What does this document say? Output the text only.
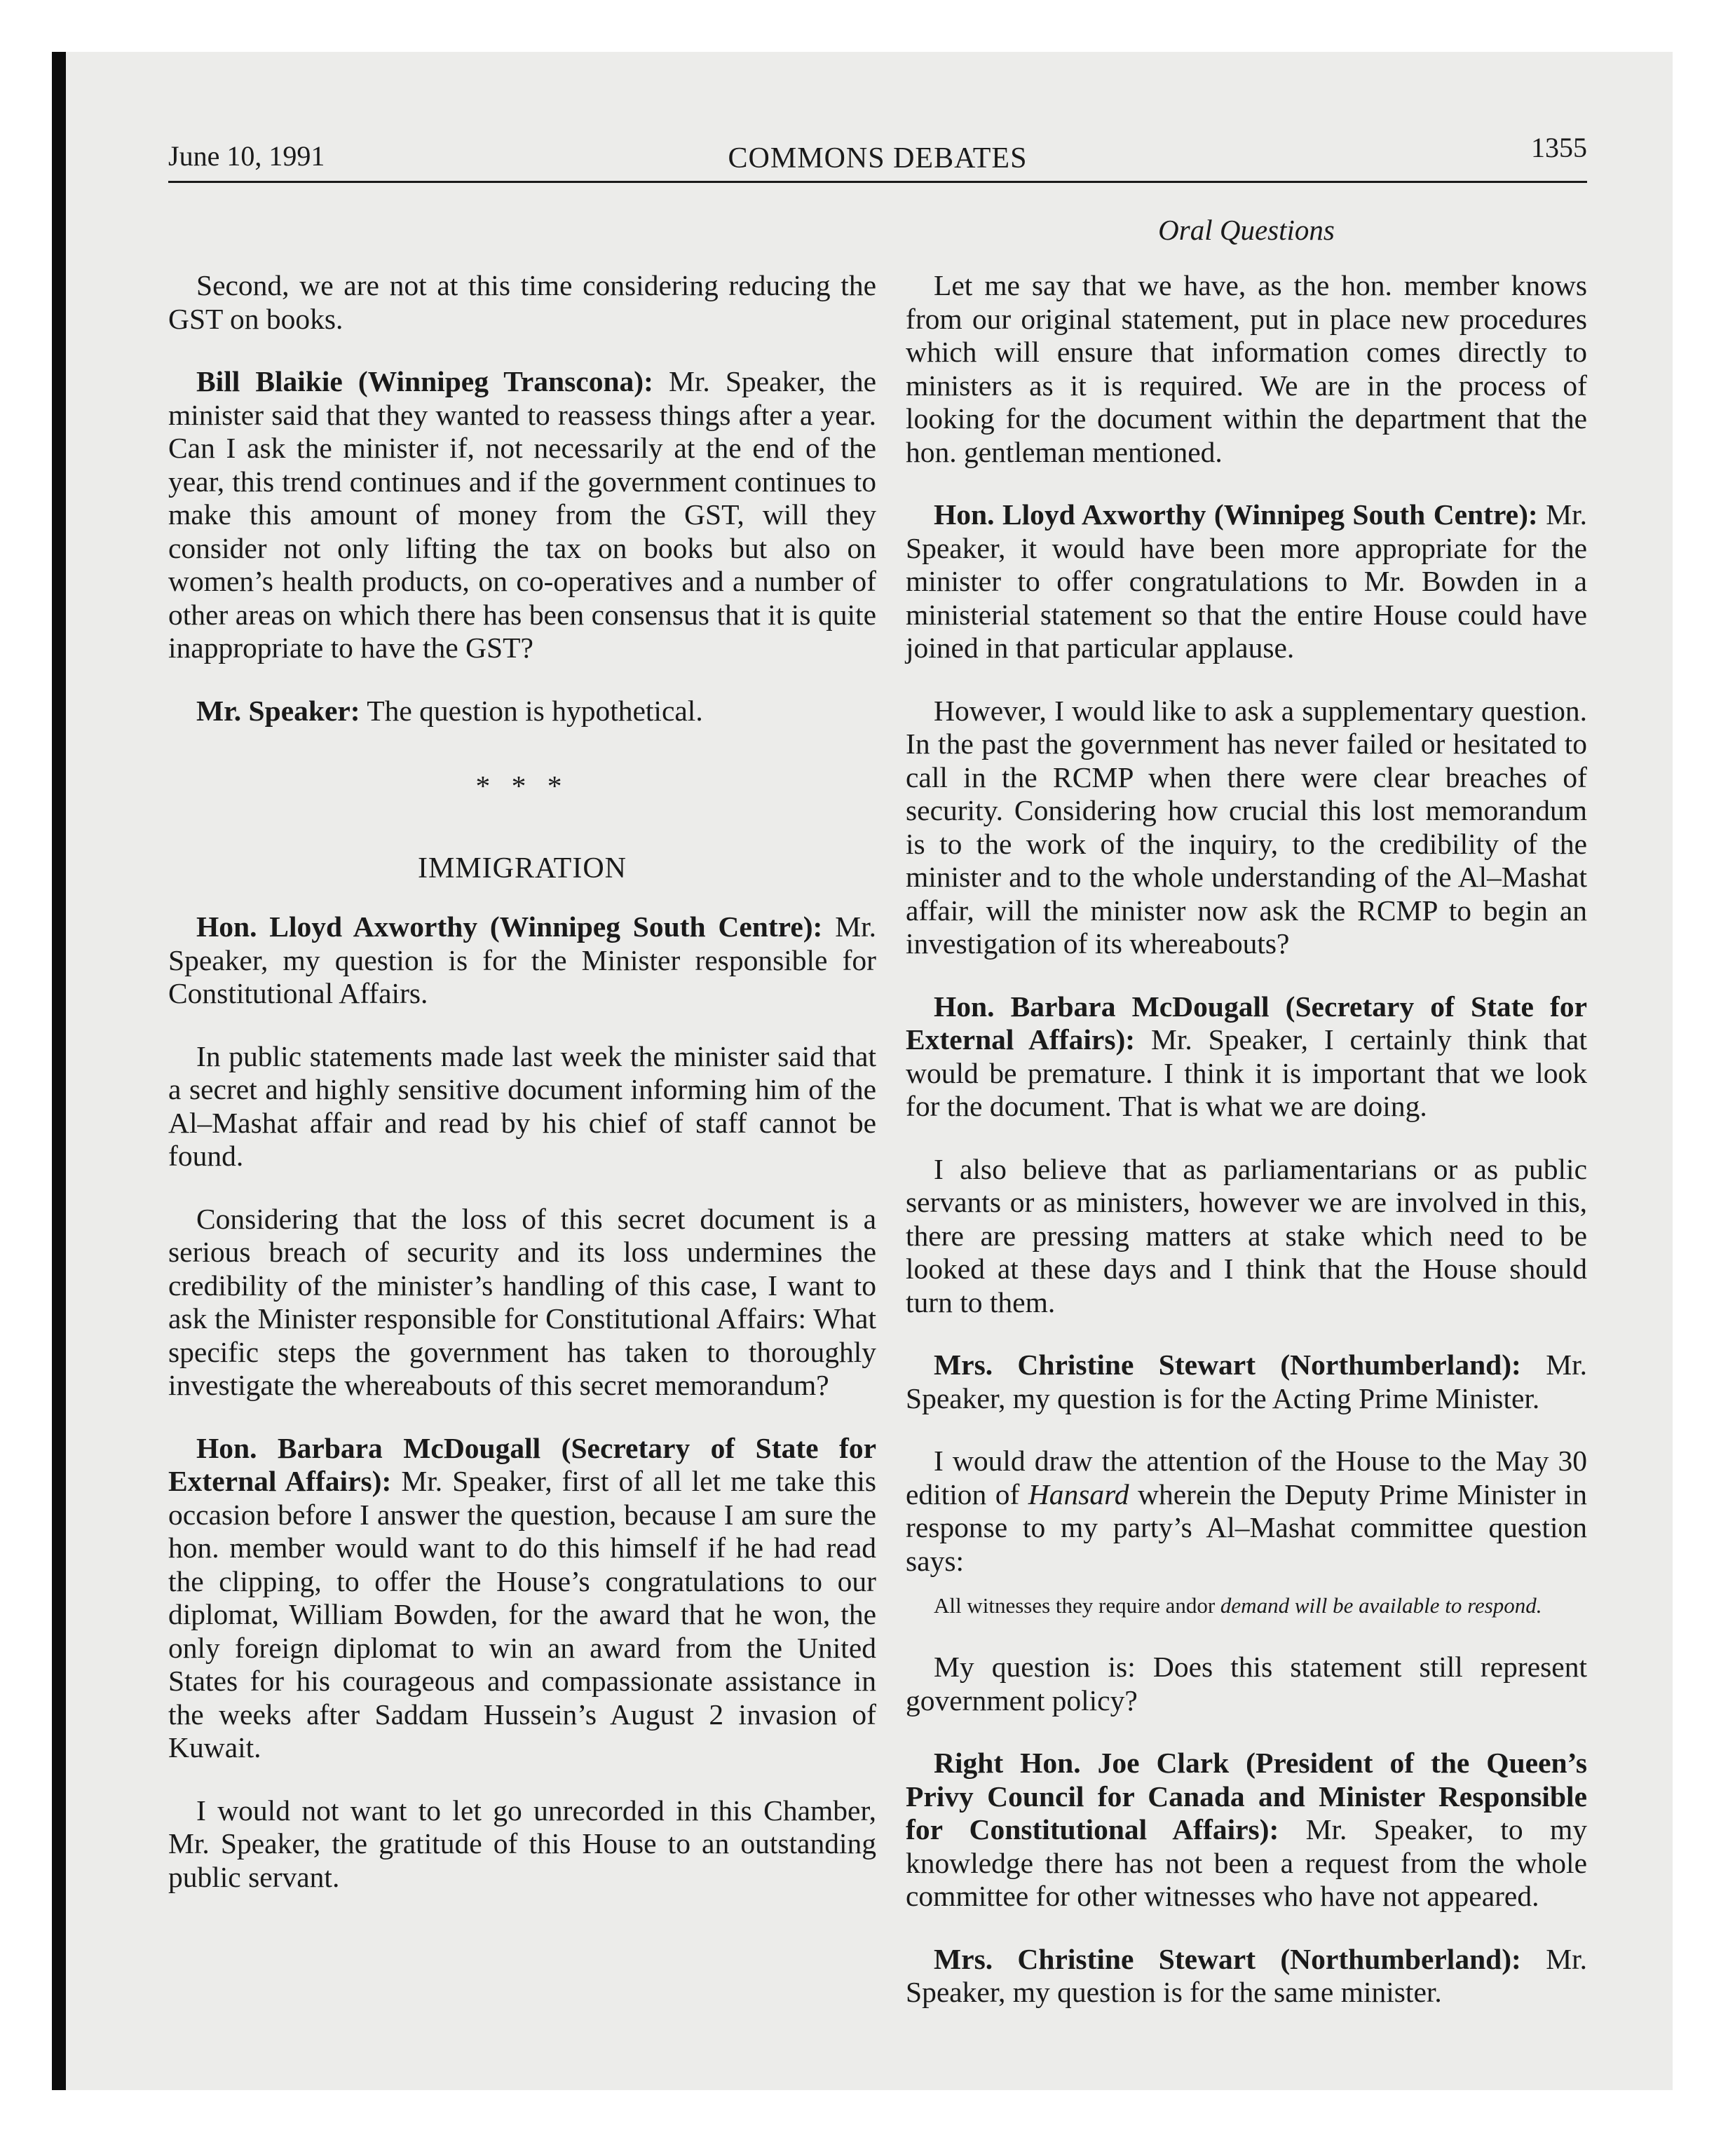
June 10, 1991	COMMONS DEBATES	1355
Oral Questions

Second, we are not at this time considering reducing the GST on books.

Bill Blaikie (Winnipeg Transcona): Mr. Speaker, the minister said that they wanted to reassess things after a year. Can I ask the minister if, not necessarily at the end of the year, this trend continues and if the government continues to make this amount of money from the GST, will they consider not only lifting the tax on books but also on women’s health products, on co-operatives and a number of other areas on which there has been consensus that it is quite inappropriate to have the GST?

Mr. Speaker: The question is hypothetical.

* * *

IMMIGRATION

Hon. Lloyd Axworthy (Winnipeg South Centre): Mr. Speaker, my question is for the Minister responsible for Constitutional Affairs.

In public statements made last week the minister said that a secret and highly sensitive document informing him of the Al–Mashat affair and read by his chief of staff cannot be found.

Considering that the loss of this secret document is a serious breach of security and its loss undermines the credibility of the minister’s handling of this case, I want to ask the Minister responsible for Constitutional Affairs: What specific steps the government has taken to thoroughly investigate the whereabouts of this secret memorandum?

Hon. Barbara McDougall (Secretary of State for External Affairs): Mr. Speaker, first of all let me take this occasion before I answer the question, because I am sure the hon. member would want to do this himself if he had read the clipping, to offer the House’s congratulations to our diplomat, William Bowden, for the award that he won, the only foreign diplomat to win an award from the United States for his courageous and compassionate assistance in the weeks after Saddam Hussein’s August 2 invasion of Kuwait.

I would not want to let go unrecorded in this Chamber, Mr. Speaker, the gratitude of this House to an outstanding public servant.

Let me say that we have, as the hon. member knows from our original statement, put in place new procedures which will ensure that information comes directly to ministers as it is required. We are in the process of looking for the document within the department that the hon. gentleman mentioned.

Hon. Lloyd Axworthy (Winnipeg South Centre): Mr. Speaker, it would have been more appropriate for the minister to offer congratulations to Mr. Bowden in a ministerial statement so that the entire House could have joined in that particular applause.

However, I would like to ask a supplementary question. In the past the government has never failed or hesitated to call in the RCMP when there were clear breaches of security. Considering how crucial this lost memorandum is to the work of the inquiry, to the credibility of the minister and to the whole understanding of the Al–Mashat affair, will the minister now ask the RCMP to begin an investigation of its whereabouts?

Hon. Barbara McDougall (Secretary of State for External Affairs): Mr. Speaker, I certainly think that would be premature. I think it is important that we look for the document. That is what we are doing.

I also believe that as parliamentarians or as public servants or as ministers, however we are involved in this, there are pressing matters at stake which need to be looked at these days and I think that the House should turn to them.

Mrs. Christine Stewart (Northumberland): Mr. Speaker, my question is for the Acting Prime Minister.

I would draw the attention of the House to the May 30 edition of Hansard wherein the Deputy Prime Minister in response to my party’s Al–Mashat committee question says:

All witnesses they require andor demand will be available to respond.

My question is: Does this statement still represent government policy?

Right Hon. Joe Clark (President of the Queen’s Privy Council for Canada and Minister Responsible for Constitutional Affairs): Mr. Speaker, to my knowledge there has not been a request from the whole committee for other witnesses who have not appeared.

Mrs. Christine Stewart (Northumberland): Mr. Speaker, my question is for the same minister.
